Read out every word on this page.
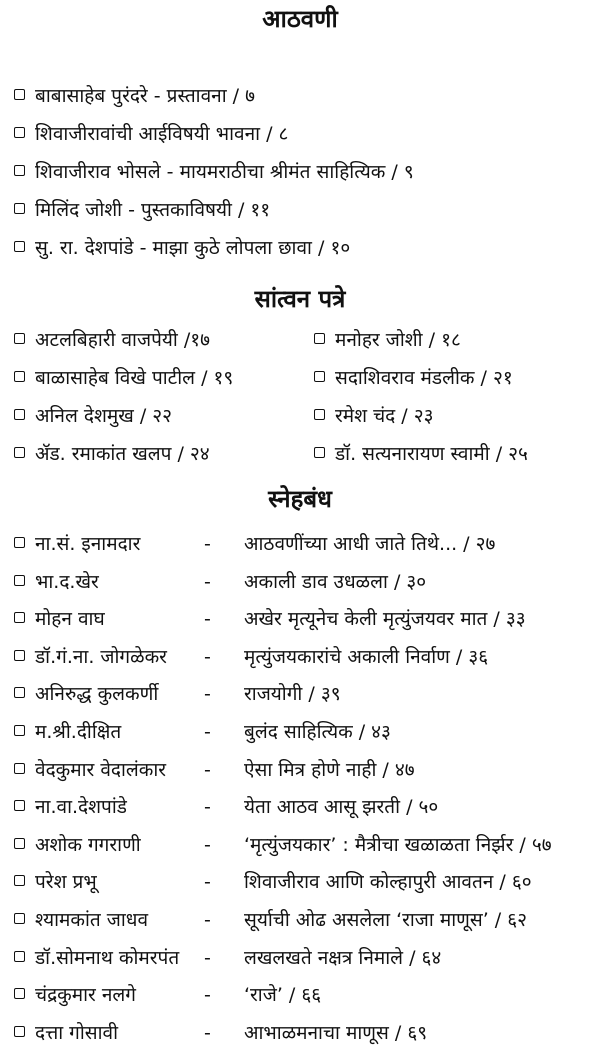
आठवणी
बाबासाहेब पुरंदरे - प्रस्तावना / ७
शिवाजीरावांची आईविषयी भावना / ८
शिवाजीराव भोसले - मायमराठीचा श्रीमंत साहित्यिक / ९
मिलिंद जोशी - पुस्तकाविषयी / ११
सु. रा. देशपांडे - माझा कुठे लोपला छावा / १०
सांत्वन पत्रे
अटलबिहारी वाजपेयी /१७	मनोहर जोशी / १८
बाळासाहेब विखे पाटील / १९	सदाशिवराव मंडलीक / २१
अनिल देशमुख / २२	रमेश चंद / २३
ॲड. रमाकांत खलप / २४	डॉ. सत्यनारायण स्वामी / २५
स्नेहबंध
ना.सं. इनामदार	-	आठवणींच्या आधी जाते तिथे... / २७
भा.द.खेर	-	अकाली डाव उधळला / ३०
मोहन वाघ	-	अखेर मृत्यूनेच केली मृत्युंजयवर मात / ३३
डॉ.गं.ना. जोगळेकर	-	मृत्युंजयकारांचे अकाली निर्वाण / ३६
अनिरुद्ध कुलकर्णी	-	राजयोगी / ३९
म.श्री.दीक्षित	-	बुलंद साहित्यिक / ४३
वेदकुमार वेदालंकार	-	ऐसा मित्र होणे नाही / ४७
ना.वा.देशपांडे	-	येता आठव आसू झरती / ५०
अशोक गगराणी	-	‘मृत्युंजयकार’ : मैत्रीचा खळाळता निर्झर / ५७
परेश प्रभू	-	शिवाजीराव आणि कोल्हापुरी आवतन / ६०
श्यामकांत जाधव	-	सूर्याची ओढ असलेला ‘राजा माणूस’ / ६२
डॉ.सोमनाथ कोमरपंत	-	लखलखते नक्षत्र निमाले / ६४
चंद्रकुमार नलगे	-	‘राजे’ / ६६
दत्ता गोसावी	-	आभाळमनाचा माणूस / ६९
